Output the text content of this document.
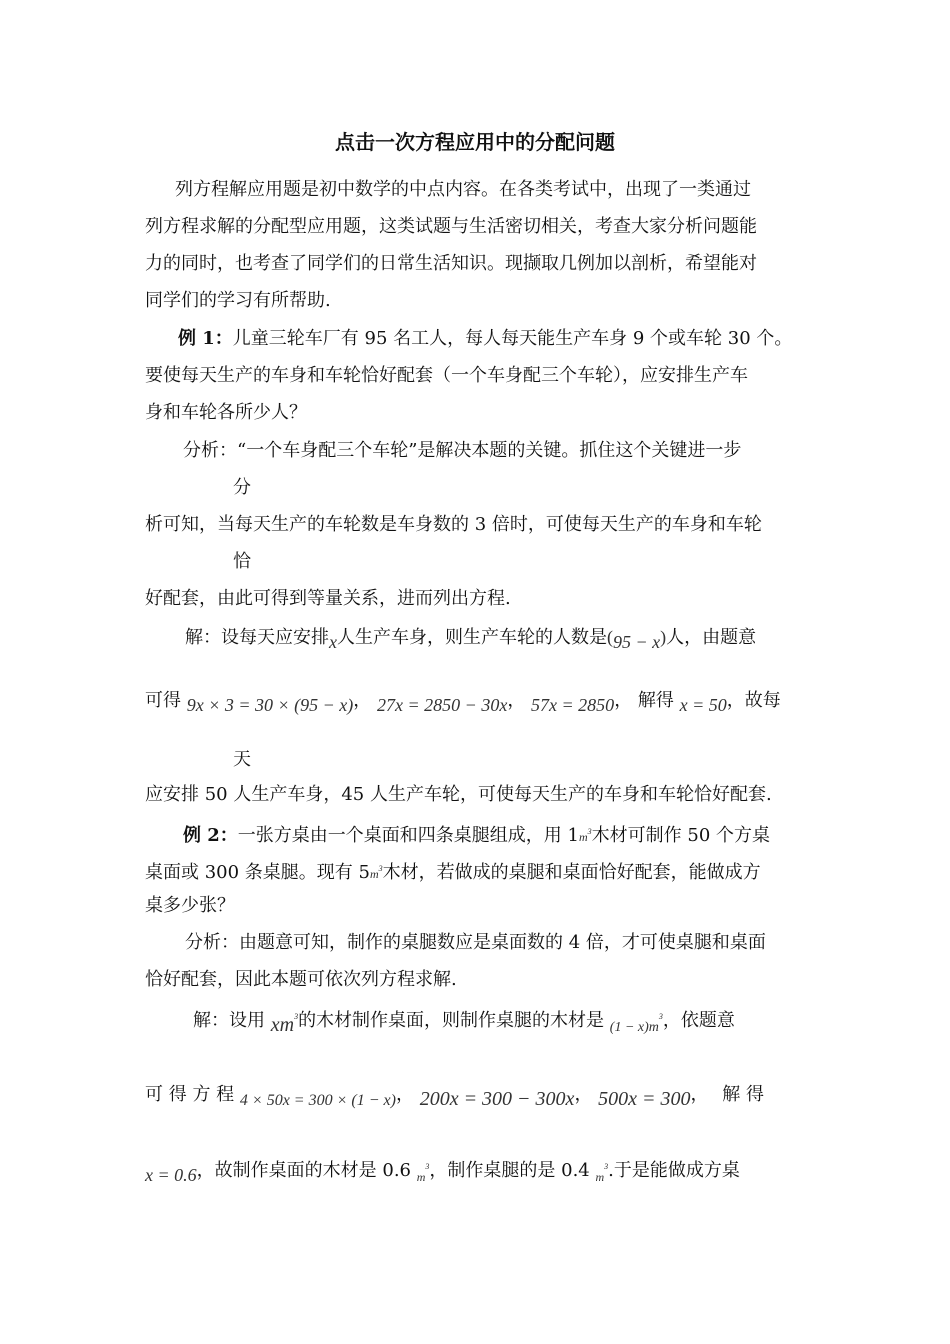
点击一次方程应用中的分配问题
列方程解应用题是初中数学的中点内容。在各类考试中，出现了一类通过
列方程求解的分配型应用题，这类试题与生活密切相关，考查大家分析问题能
力的同时，也考查了同学们的日常生活知识。现撷取几例加以剖析，希望能对
同学们的学习有所帮助.
例 1：儿童三轮车厂有 95 名工人，每人每天能生产车身 9 个或车轮 30 个。
要使每天生产的车身和车轮恰好配套（一个车身配三个车轮），应安排生产车
身和车轮各所少人？
分析：“一个车身配三个车轮”是解决本题的关键。抓住这个关键进一步
分
析可知，当每天生产的车轮数是车身数的 3 倍时，可使每天生产的车身和车轮
恰
好配套，由此可得到等量关系，进而列出方程.
解：设每天应安排x人生产车身，则生产车轮的人数是(95 − x)人，由题意
可得 9x × 3 = 30 × (95 − x)， 27x = 2850 − 30x， 57x = 2850， 解得 x = 50，故每
天
应安排 50 人生产车身，45 人生产车轮，可使每天生产的车身和车轮恰好配套.
例 2：一张方桌由一个桌面和四条桌腿组成，用 $1m^3$木材可制作 50 个方桌
桌面或 300 条桌腿。现有 $5m^3$木材，若做成的桌腿和桌面恰好配套，能做成方
桌多少张？
分析：由题意可知，制作的桌腿数应是桌面数的 4 倍，才可使桌腿和桌面
恰好配套，因此本题可依次列方程求解.
解：设用 $xm^3$的木材制作桌面，则制作桌腿的木材是 $_{(1 - x)m}^3$，依题意
可 得 方 程 4 × 50x = 300 × (1 − x)， 200x = 300 − 300x， 500x = 300， 解 得
x = 0.6，故制作桌面的木材是 0.6 $_m^3$，制作桌腿的是 0.4 $_m^3$.于是能做成方桌
